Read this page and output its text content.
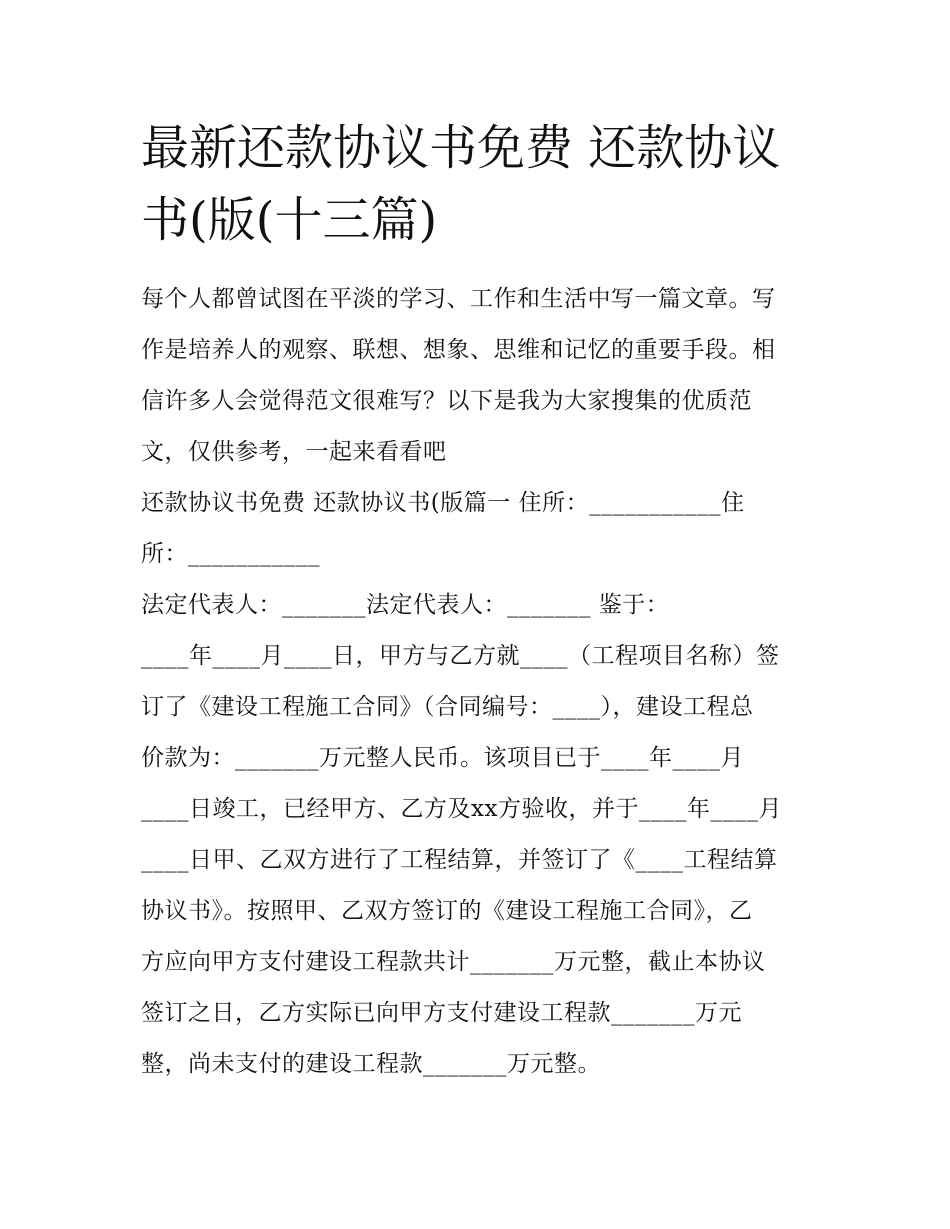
最新还款协议书免费 还款协议
书(版(十三篇)

每个人都曾试图在平淡的学习、工作和生活中写一篇文章。写
作是培养人的观察、联想、想象、思维和记忆的重要手段。相
信许多人会觉得范文很难写？以下是我为大家搜集的优质范
文，仅供参考，一起来看看吧

还款协议书免费 还款协议书(版篇一 住所：___________住
所：___________

法定代表人：_______法定代表人：_______ 鉴于：
____年____月____日，甲方与乙方就____（工程项目名称）签
订了《建设工程施工合同》（合同编号：____），建设工程总
价款为：_______万元整人民币。该项目已于____年____月
____日竣工，已经甲方、乙方及xx方验收，并于____年____月
____日甲、乙双方进行了工程结算，并签订了《____工程结算
协议书》。按照甲、乙双方签订的《建设工程施工合同》，乙
方应向甲方支付建设工程款共计_______万元整，截止本协议
签订之日，乙方实际已向甲方支付建设工程款_______万元
整，尚未支付的建设工程款_______万元整。
